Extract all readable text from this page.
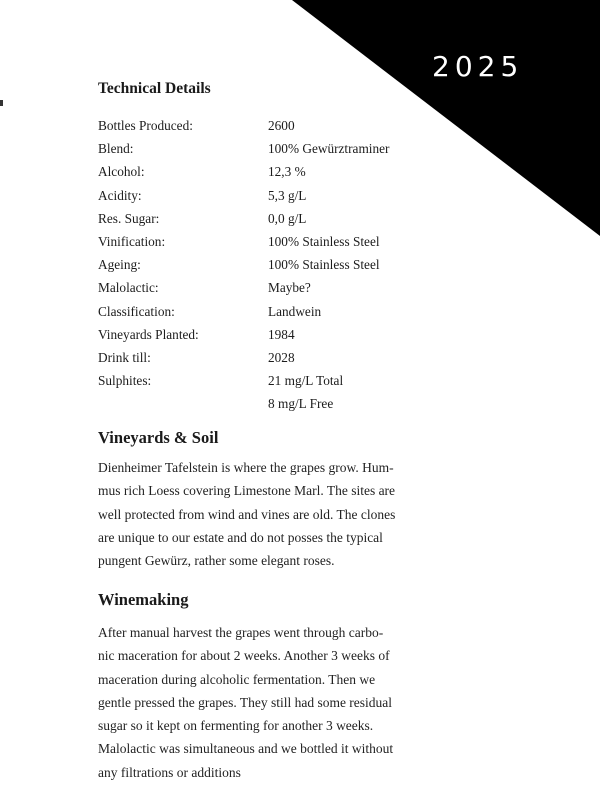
2025
Technical Details
Bottles Produced:	2600
Blend:	100% Gewürztraminer
Alcohol:	12,3 %
Acidity:	5,3 g/L
Res. Sugar:	0,0 g/L
Vinification:	100% Stainless Steel
Ageing:	100% Stainless Steel
Malolactic:	Maybe?
Classification:	Landwein
Vineyards Planted:	1984
Drink till:	2028
Sulphites:	21 mg/L Total
8 mg/L Free
Vineyards & Soil

Dienheimer Tafelstein is where the grapes grow. Hum-
mus rich Loess covering Limestone Marl. The sites are
well protected from wind and vines are old. The clones
are unique to our estate and do not posses the typical
pungent Gewürz, rather some elegant roses.

Winemaking

After manual harvest the grapes went through carbo-
nic maceration for about 2 weeks. Another 3 weeks of
maceration during alcoholic fermentation. Then we
gentle pressed the grapes. They still had some residual
sugar so it kept on fermenting for another 3 weeks.
Malolactic was simultaneous and we bottled it without
any filtrations or additions
